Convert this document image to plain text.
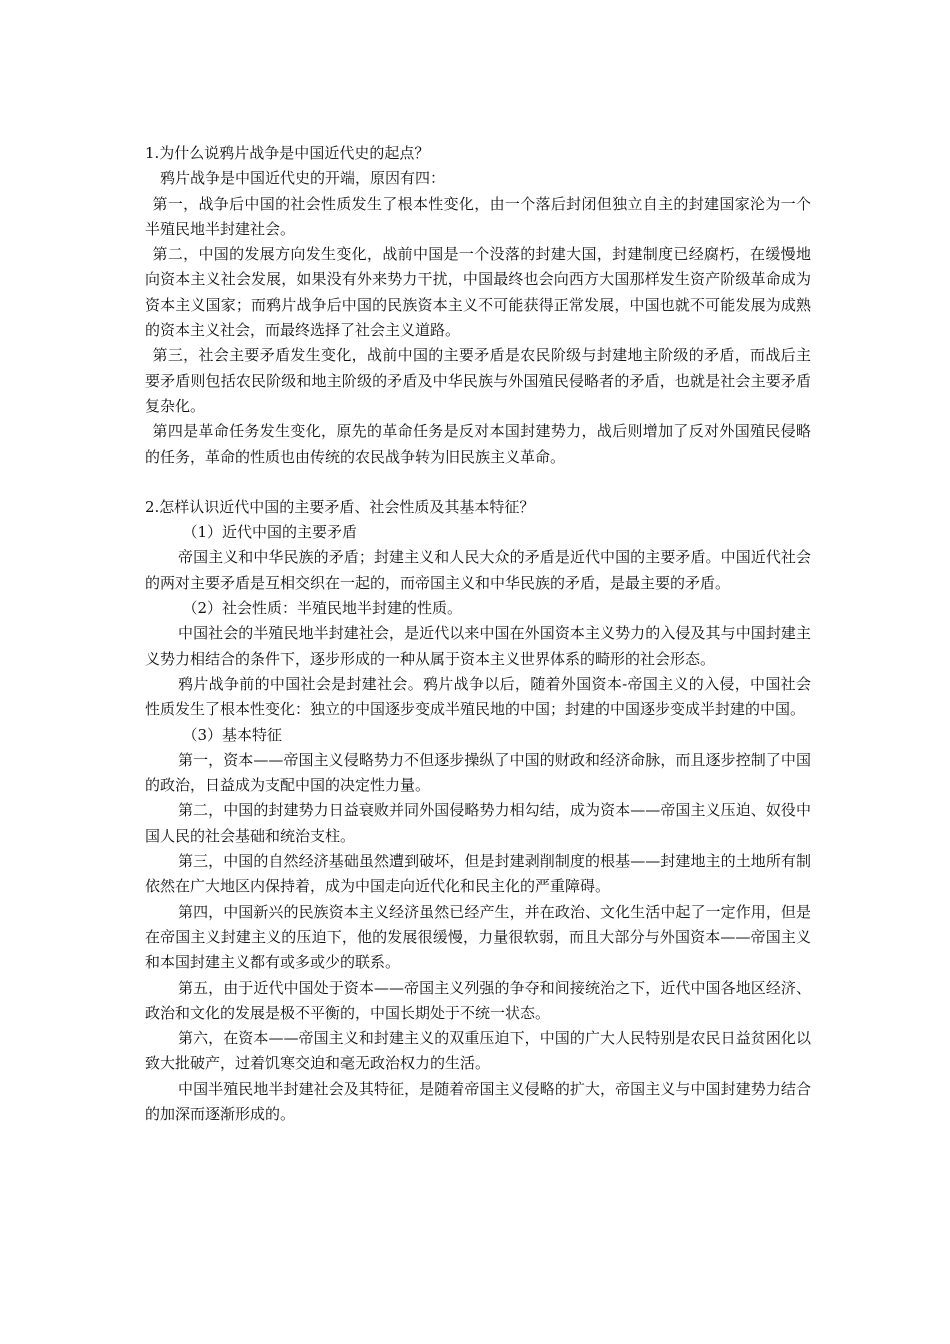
1.为什么说鸦片战争是中国近代史的起点？

鸦片战争是中国近代史的开端，原因有四：

第一，战争后中国的社会性质发生了根本性变化，由一个落后封闭但独立自主的封建国家沦为一个半殖民地半封建社会。

第二，中国的发展方向发生变化，战前中国是一个没落的封建大国，封建制度已经腐朽，在缓慢地向资本主义社会发展，如果没有外来势力干扰，中国最终也会向西方大国那样发生资产阶级革命成为资本主义国家；而鸦片战争后中国的民族资本主义不可能获得正常发展，中国也就不可能发展为成熟的资本主义社会，而最终选择了社会主义道路。

第三，社会主要矛盾发生变化，战前中国的主要矛盾是农民阶级与封建地主阶级的矛盾，而战后主要矛盾则包括农民阶级和地主阶级的矛盾及中华民族与外国殖民侵略者的矛盾，也就是社会主要矛盾复杂化。

第四是革命任务发生变化，原先的革命任务是反对本国封建势力，战后则增加了反对外国殖民侵略的任务，革命的性质也由传统的农民战争转为旧民族主义革命。

2.怎样认识近代中国的主要矛盾、社会性质及其基本特征？

（1）近代中国的主要矛盾

帝国主义和中华民族的矛盾；封建主义和人民大众的矛盾是近代中国的主要矛盾。中国近代社会的两对主要矛盾是互相交织在一起的，而帝国主义和中华民族的矛盾，是最主要的矛盾。

（2）社会性质：半殖民地半封建的性质。

中国社会的半殖民地半封建社会，是近代以来中国在外国资本主义势力的入侵及其与中国封建主义势力相结合的条件下，逐步形成的一种从属于资本主义世界体系的畸形的社会形态。

鸦片战争前的中国社会是封建社会。鸦片战争以后，随着外国资本-帝国主义的入侵，中国社会性质发生了根本性变化：独立的中国逐步变成半殖民地的中国；封建的中国逐步变成半封建的中国。

（3）基本特征

第一，资本——帝国主义侵略势力不但逐步操纵了中国的财政和经济命脉，而且逐步控制了中国的政治，日益成为支配中国的决定性力量。

第二，中国的封建势力日益衰败并同外国侵略势力相勾结，成为资本——帝国主义压迫、奴役中国人民的社会基础和统治支柱。

第三，中国的自然经济基础虽然遭到破坏，但是封建剥削制度的根基——封建地主的土地所有制依然在广大地区内保持着，成为中国走向近代化和民主化的严重障碍。

第四，中国新兴的民族资本主义经济虽然已经产生，并在政治、文化生活中起了一定作用，但是在帝国主义封建主义的压迫下，他的发展很缓慢，力量很软弱，而且大部分与外国资本——帝国主义和本国封建主义都有或多或少的联系。

第五，由于近代中国处于资本——帝国主义列强的争夺和间接统治之下，近代中国各地区经济、政治和文化的发展是极不平衡的，中国长期处于不统一状态。

第六，在资本——帝国主义和封建主义的双重压迫下，中国的广大人民特别是农民日益贫困化以致大批破产，过着饥寒交迫和毫无政治权力的生活。

中国半殖民地半封建社会及其特征，是随着帝国主义侵略的扩大，帝国主义与中国封建势力结合的加深而逐渐形成的。
